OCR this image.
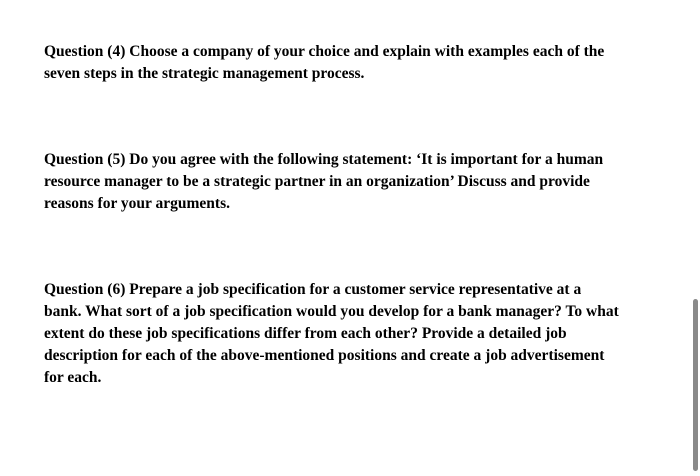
Question (4) Choose a company of your choice and explain with examples each of the
seven steps in the strategic management process.

Question (5) Do you agree with the following statement: ‘It is important for a human
resource manager to be a strategic partner in an organization’ Discuss and provide
reasons for your arguments.

Question (6) Prepare a job specification for a customer service representative at a
bank. What sort of a job specification would you develop for a bank manager? To what
extent do these job specifications differ from each other? Provide a detailed job
description for each of the above-mentioned positions and create a job advertisement
for each.
